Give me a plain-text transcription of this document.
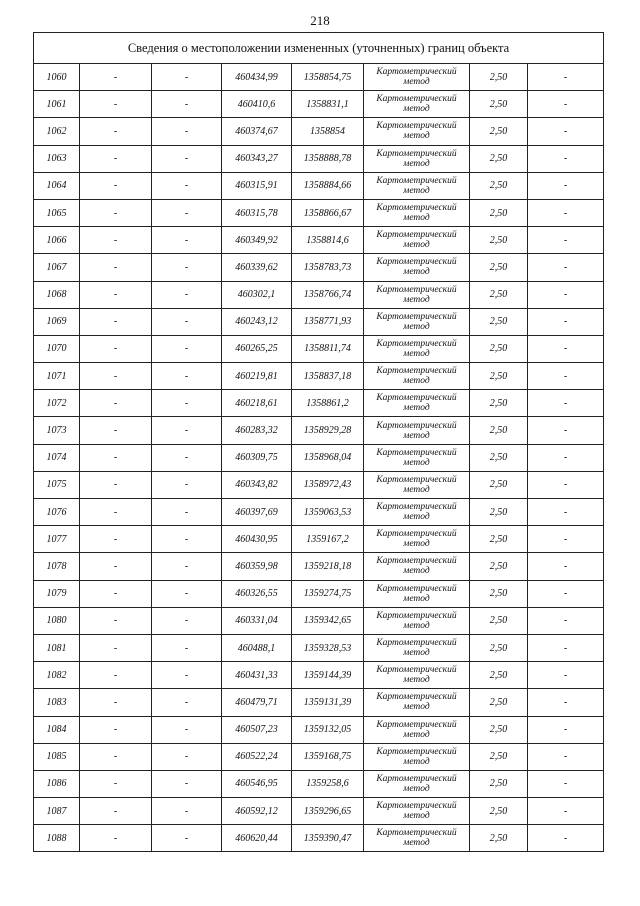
218
Сведения о местоположении измененных (уточненных) границ объекта							
1060	-	-	460434,99	1358854,75	Картометрический
метод	2,50	-
1061	-	-	460410,6	1358831,1	Картометрический
метод	2,50	-
1062	-	-	460374,67	1358854	Картометрический
метод	2,50	-
1063	-	-	460343,27	1358888,78	Картометрический
метод	2,50	-
1064	-	-	460315,91	1358884,66	Картометрический
метод	2,50	-
1065	-	-	460315,78	1358866,67	Картометрический
метод	2,50	-
1066	-	-	460349,92	1358814,6	Картометрический
метод	2,50	-
1067	-	-	460339,62	1358783,73	Картометрический
метод	2,50	-
1068	-	-	460302,1	1358766,74	Картометрический
метод	2,50	-
1069	-	-	460243,12	1358771,93	Картометрический
метод	2,50	-
1070	-	-	460265,25	1358811,74	Картометрический
метод	2,50	-
1071	-	-	460219,81	1358837,18	Картометрический
метод	2,50	-
1072	-	-	460218,61	1358861,2	Картометрический
метод	2,50	-
1073	-	-	460283,32	1358929,28	Картометрический
метод	2,50	-
1074	-	-	460309,75	1358968,04	Картометрический
метод	2,50	-
1075	-	-	460343,82	1358972,43	Картометрический
метод	2,50	-
1076	-	-	460397,69	1359063,53	Картометрический
метод	2,50	-
1077	-	-	460430,95	1359167,2	Картометрический
метод	2,50	-
1078	-	-	460359,98	1359218,18	Картометрический
метод	2,50	-
1079	-	-	460326,55	1359274,75	Картометрический
метод	2,50	-
1080	-	-	460331,04	1359342,65	Картометрический
метод	2,50	-
1081	-	-	460488,1	1359328,53	Картометрический
метод	2,50	-
1082	-	-	460431,33	1359144,39	Картометрический
метод	2,50	-
1083	-	-	460479,71	1359131,39	Картометрический
метод	2,50	-
1084	-	-	460507,23	1359132,05	Картометрический
метод	2,50	-
1085	-	-	460522,24	1359168,75	Картометрический
метод	2,50	-
1086	-	-	460546,95	1359258,6	Картометрический
метод	2,50	-
1087	-	-	460592,12	1359296,65	Картометрический
метод	2,50	-
1088	-	-	460620,44	1359390,47	Картометрический
метод	2,50	-
